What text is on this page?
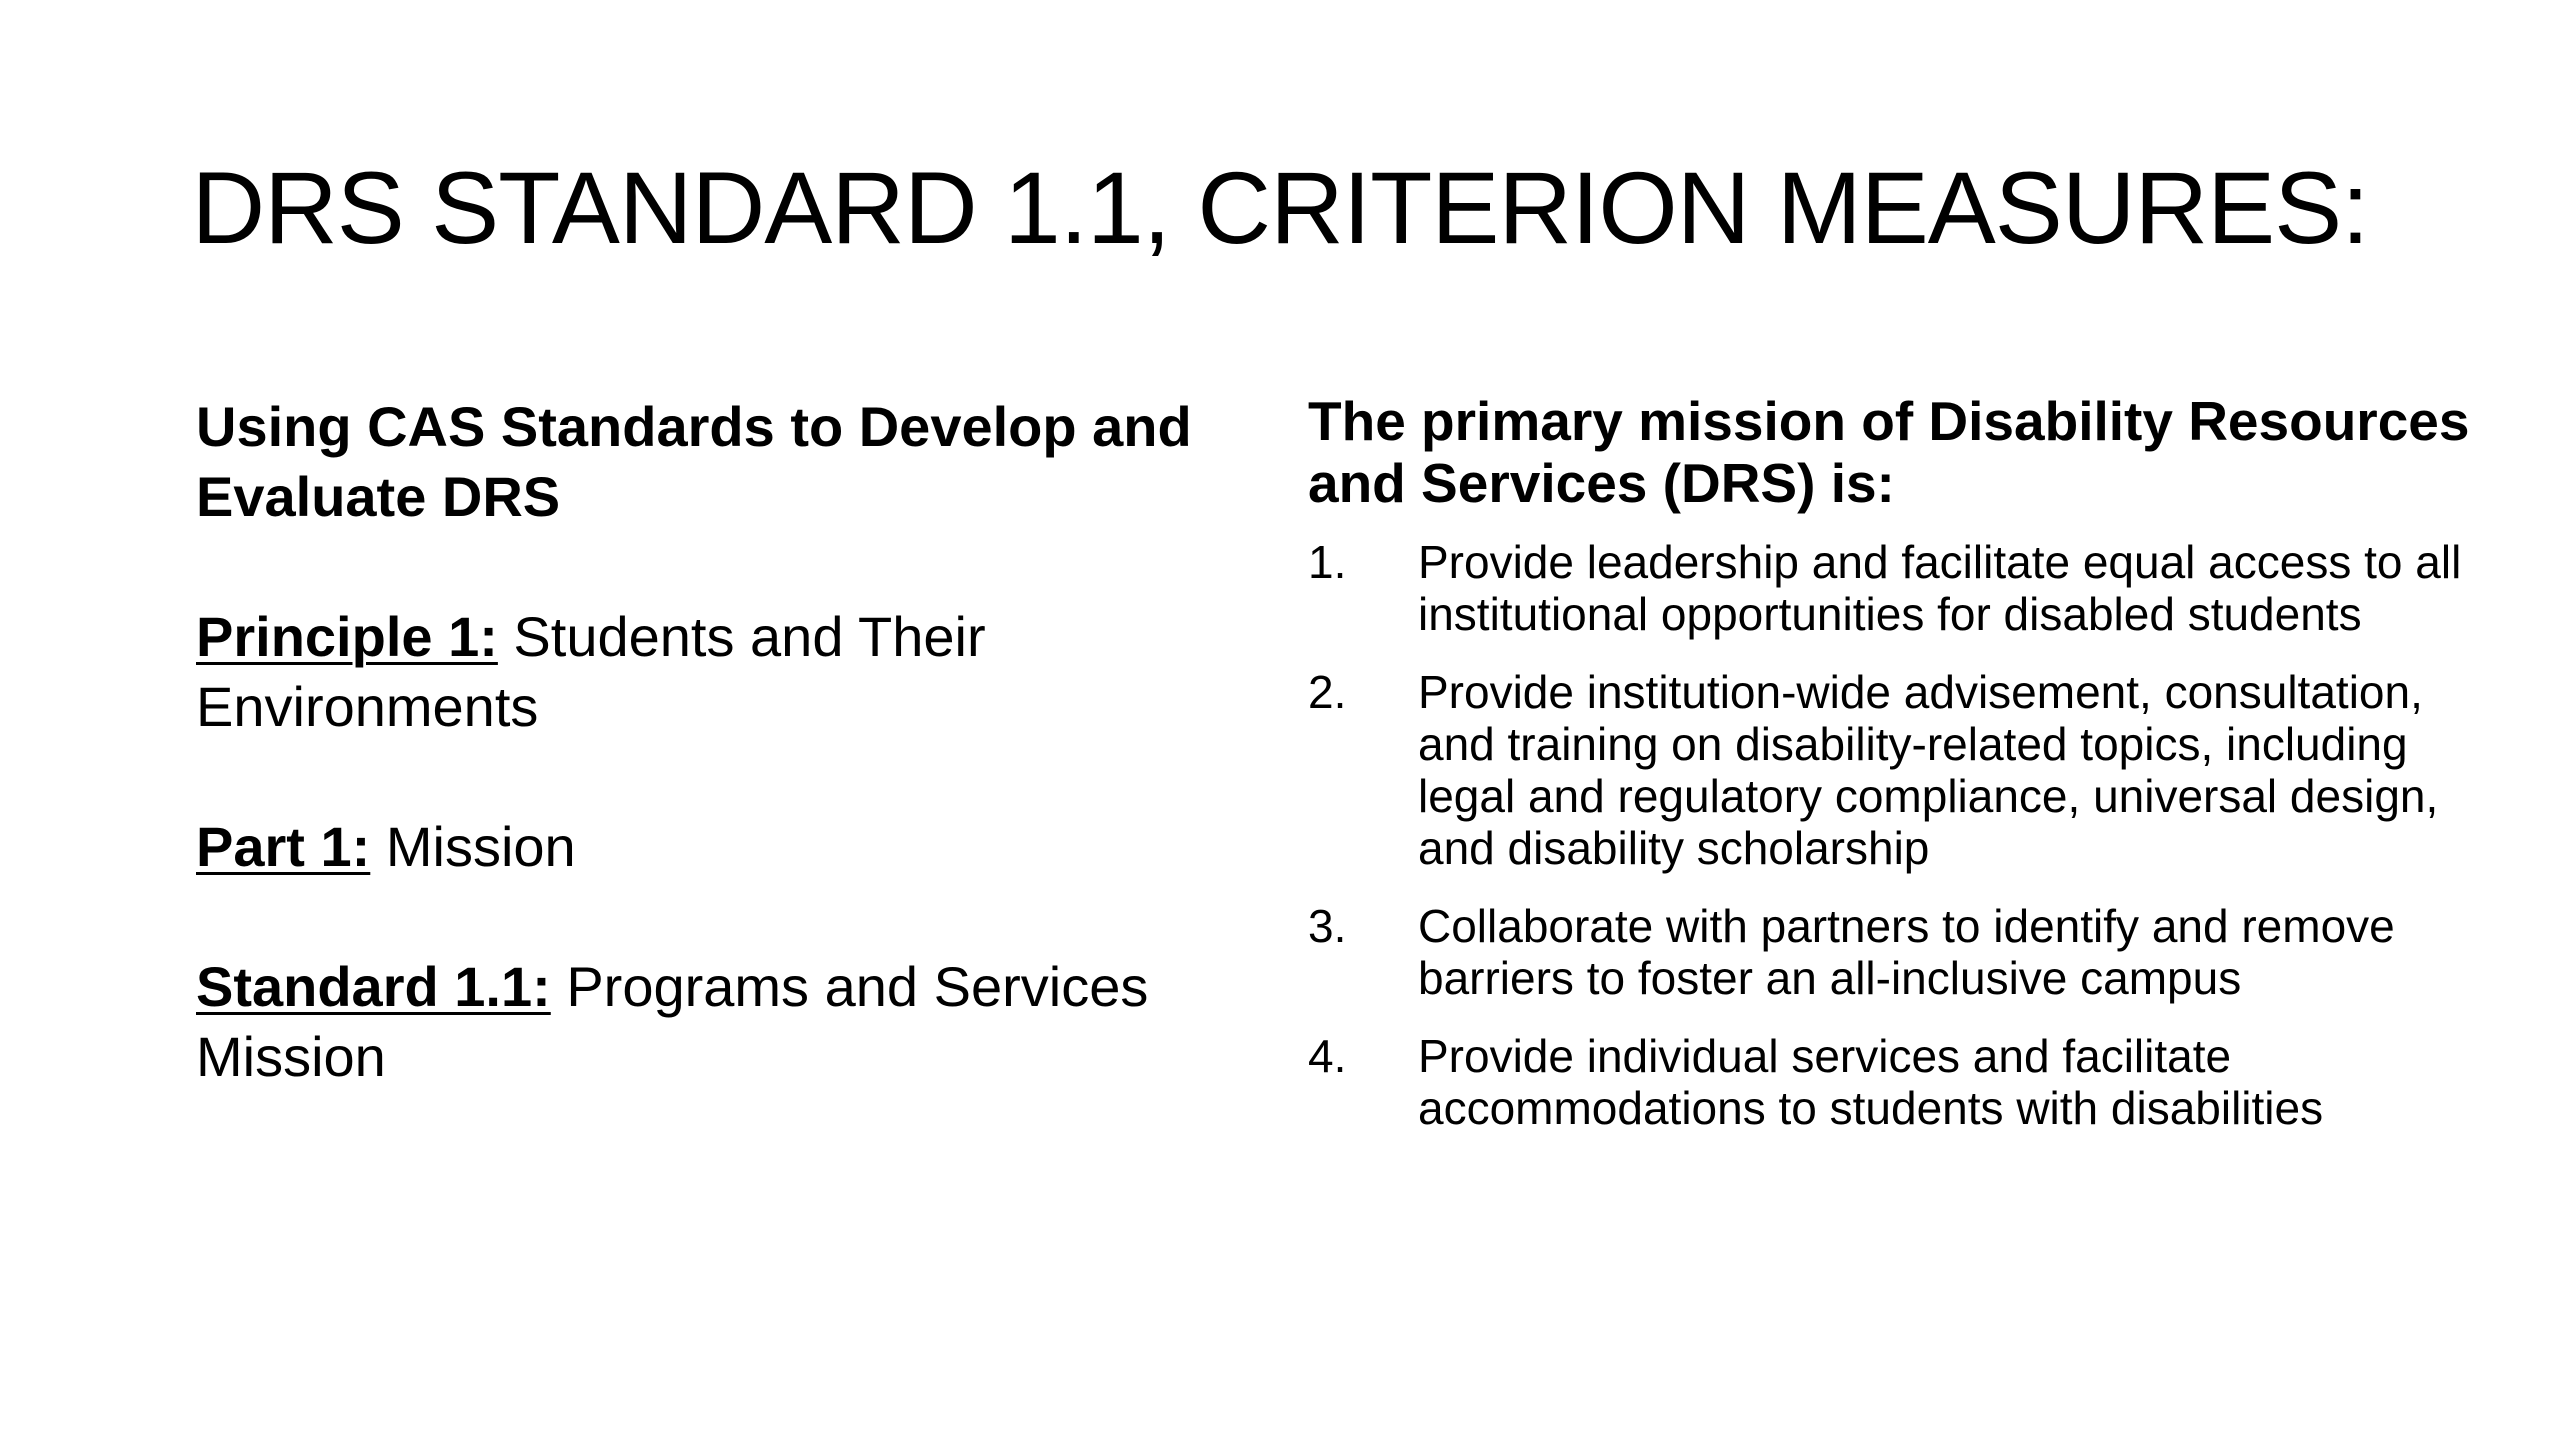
DRS STANDARD 1.1, CRITERION MEASURES:

Using CAS Standards to Develop and Evaluate DRS

Principle 1: Students and Their Environments

Part 1: Mission

Standard 1.1: Programs and Services Mission

The primary mission of Disability Resources and Services (DRS) is:

1. Provide leadership and facilitate equal access to all institutional opportunities for disabled students
2. Provide institution-wide advisement, consultation, and training on disability-related topics, including legal and regulatory compliance, universal design, and disability scholarship
3. Collaborate with partners to identify and remove barriers to foster an all-inclusive campus
4. Provide individual services and facilitate accommodations to students with disabilities
